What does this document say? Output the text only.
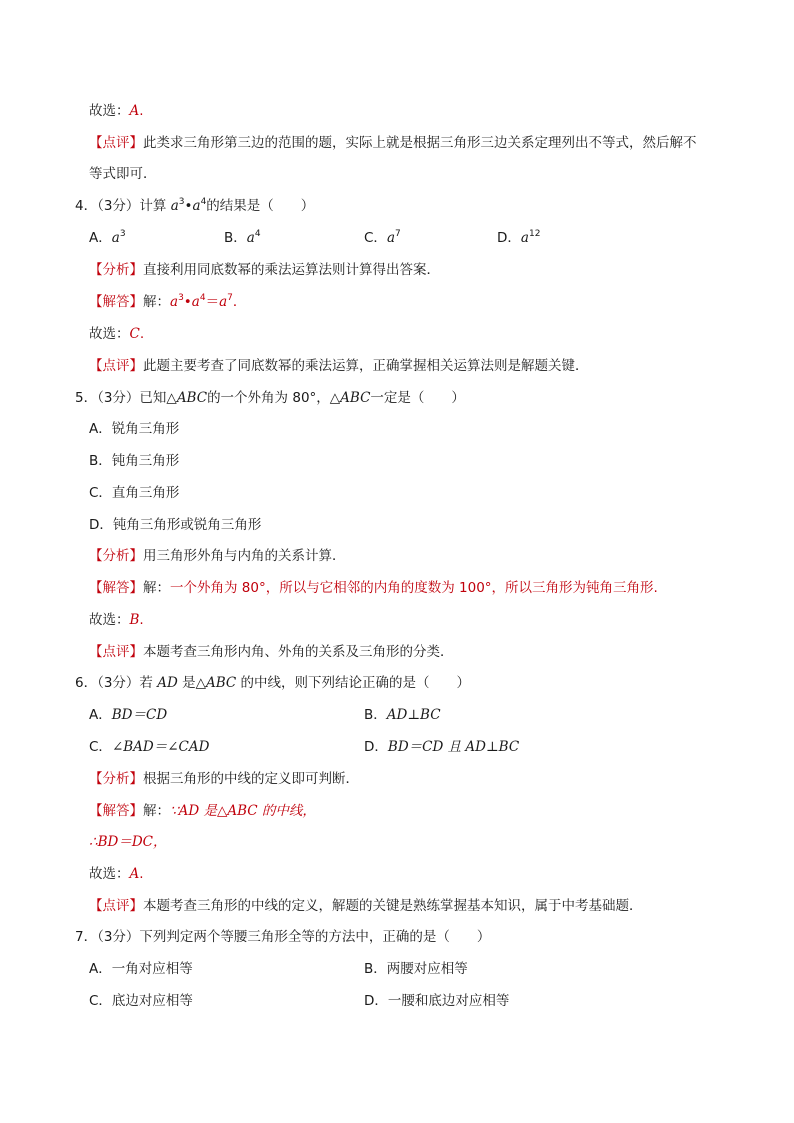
故选：A.
【点评】此类求三角形第三边的范围的题，实际上就是根据三角形三边关系定理列出不等式，然后解不
等式即可．
4．（3分）计算 $a^3•a^4$的结果是（　　）
A．$a^3$	B．$a^4$	C．$a^7$	D．$a^{12}$
【分析】直接利用同底数幂的乘法运算法则计算得出答案．
【解答】解：$a^3•a^4=a^7$．
故选：C.
【点评】此题主要考查了同底数幂的乘法运算，正确掌握相关运算法则是解题关键．
5．（3分）已知△ABC的一个外角为 80°，△ABC一定是（　　）
A．锐角三角形
B．钝角三角形
C．直角三角形
D．钝角三角形或锐角三角形
【分析】用三角形外角与内角的关系计算．
【解答】解：一个外角为 80°，所以与它相邻的内角的度数为 100°，所以三角形为钝角三角形.
故选：B.
【点评】本题考查三角形内角、外角的关系及三角形的分类．
6．（3分）若 AD 是△ABC 的中线，则下列结论正确的是（　　）
A．BD＝CD	B．AD⊥BC
C．∠BAD＝∠CAD	D．BD＝CD 且 AD⊥BC
【分析】根据三角形的中线的定义即可判断．
【解答】解：∵AD 是△ABC 的中线，
∴BD＝DC，
故选：A.
【点评】本题考查三角形的中线的定义，解题的关键是熟练掌握基本知识，属于中考基础题．
7．（3分）下列判定两个等腰三角形全等的方法中，正确的是（　　）
A．一角对应相等	B．两腰对应相等
C．底边对应相等	D．一腰和底边对应相等
